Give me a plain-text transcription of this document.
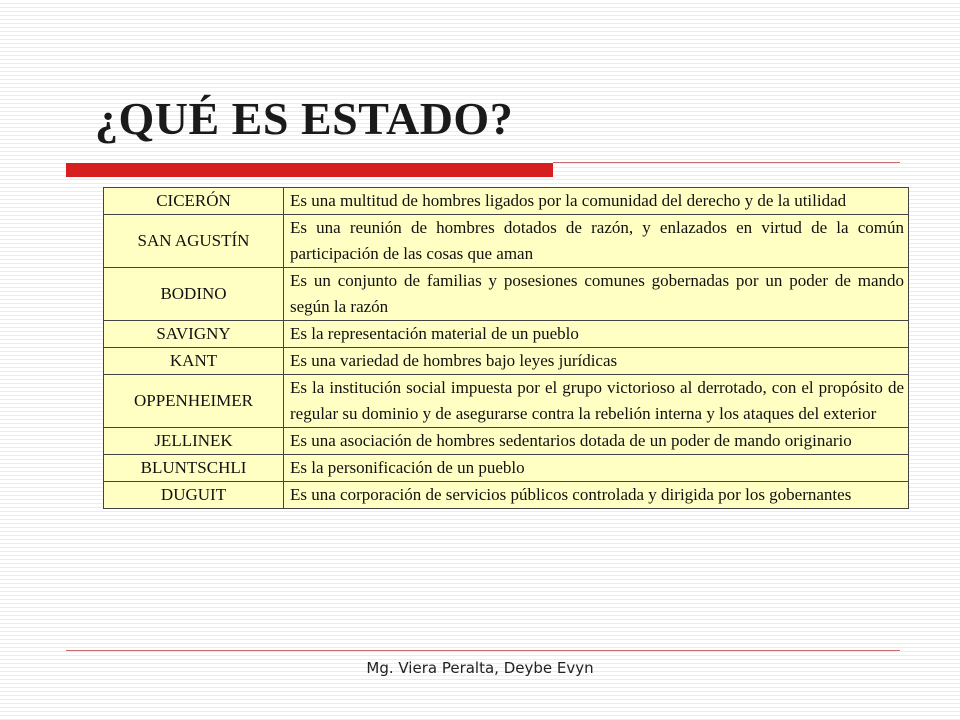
¿QUÉ ES ESTADO?
CICERÓN	Es una multitud de hombres ligados por la comunidad del derecho y de la utilidad
SAN AGUSTÍN	Es una reunión de hombres dotados de razón, y enlazados en virtud de la común participación de las cosas que aman
BODINO	Es un conjunto de familias y posesiones comunes gobernadas por un poder de mando según la razón
SAVIGNY	Es la representación material de un pueblo
KANT	Es una variedad de hombres bajo leyes jurídicas
OPPENHEIMER	Es la institución social impuesta por el grupo victorioso al derrotado, con el propósito de regular su dominio y de asegurarse contra la rebelión interna y los ataques del exterior
JELLINEK	Es una asociación de hombres sedentarios dotada de un poder de mando originario
BLUNTSCHLI	Es la personificación de un pueblo
DUGUIT	Es una corporación de servicios públicos controlada y dirigida por los gobernantes
Mg. Viera Peralta, Deybe Evyn
